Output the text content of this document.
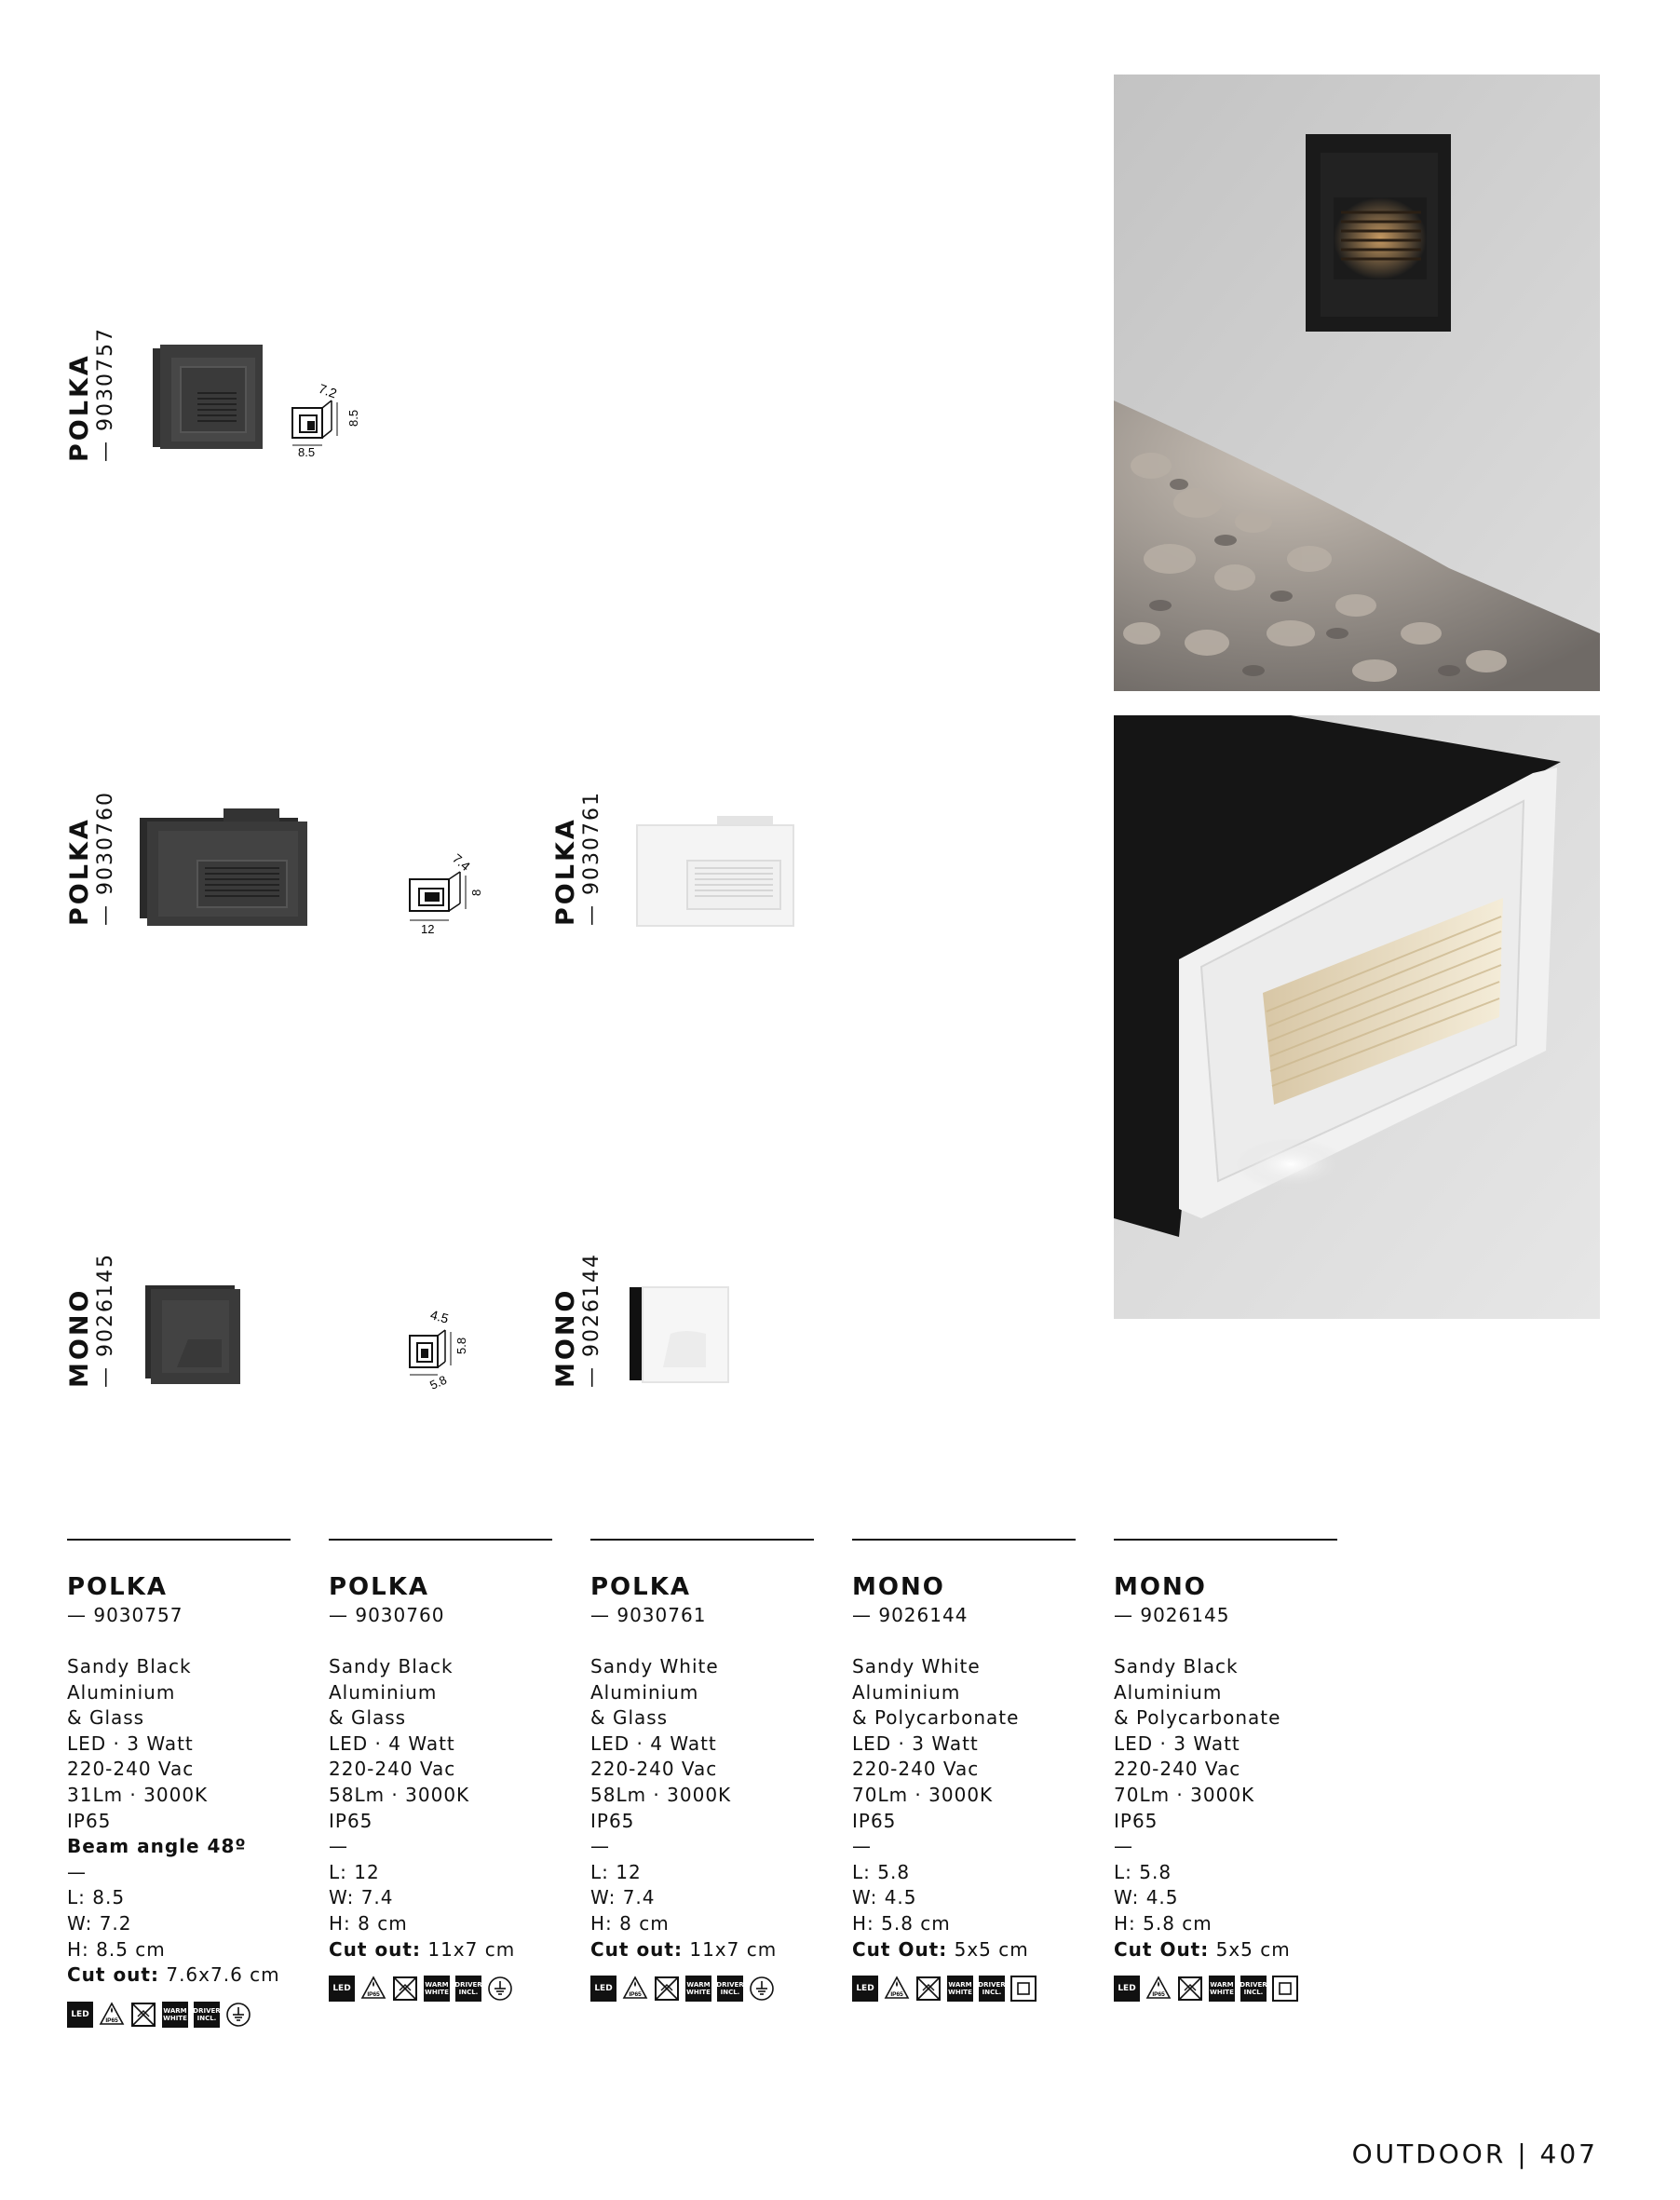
POLKA — 9030757
POLKA — 9030760	POLKA — 9030761
MONO — 9026145	MONO — 9026144
7.2
8.5
8.5
7.4
8
12
4.5
5.8
5.8
POLKA
— 9030757
Sandy Black
Aluminium
& Glass
LED · 3 Watt
220-240 Vac
31Lm · 3000K
IP65
Beam angle 48º
—
L: 8.5
W: 7.2
H: 8.5 cm
Cut out: 7.6x7.6 cm
LED
IP65
WARM
WHITE
DRIVER
INCL.
POLKA
— 9030760
Sandy Black
Aluminium
& Glass
LED · 4 Watt
220-240 Vac
58Lm · 3000K
IP65
—
L: 12
W: 7.4
H: 8 cm
Cut out: 11x7 cm
LED
IP65
WARM
WHITE
DRIVER
INCL.
POLKA
— 9030761
Sandy White
Aluminium
& Glass
LED · 4 Watt
220-240 Vac
58Lm · 3000K
IP65
—
L: 12
W: 7.4
H: 8 cm
Cut out: 11x7 cm
LED
IP65
WARM
WHITE
DRIVER
INCL.
MONO
— 9026144
Sandy White
Aluminium
& Polycarbonate
LED · 3 Watt
220-240 Vac
70Lm · 3000K
IP65
—
L: 5.8
W: 4.5
H: 5.8 cm
Cut Out: 5x5 cm
LED
IP65
WARM
WHITE
DRIVER
INCL.
MONO
— 9026145
Sandy Black
Aluminium
& Polycarbonate
LED · 3 Watt
220-240 Vac
70Lm · 3000K
IP65
—
L: 5.8
W: 4.5
H: 5.8 cm
Cut Out: 5x5 cm
LED
IP65
WARM
WHITE
DRIVER
INCL.
OUTDOOR | 407
